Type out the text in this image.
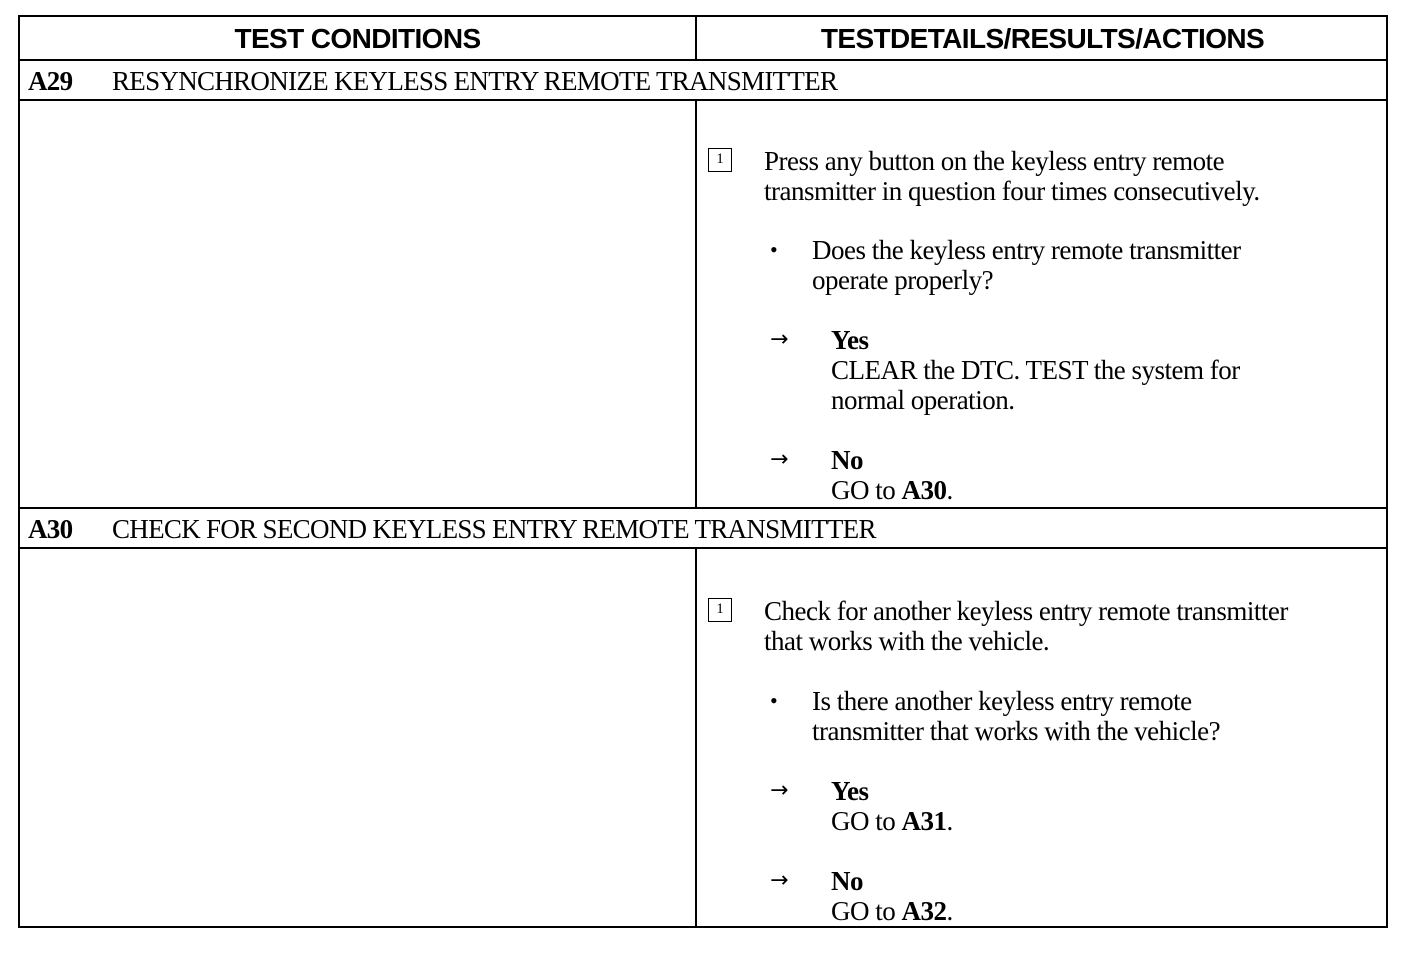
TEST CONDITIONS	TESTDETAILS/RESULTS/ACTIONS
A29 RESYNCHRONIZE KEYLESS ENTRY REMOTE TRANSMITTER
1	Press any button on the keyless entry remote
transmitter in question four times consecutively.
• Does the keyless entry remote transmitter
operate properly?
→ Yes
CLEAR the DTC. TEST the system for
normal operation.
→ No
GO to A30.
A30 CHECK FOR SECOND KEYLESS ENTRY REMOTE TRANSMITTER
1	Check for another keyless entry remote transmitter
that works with the vehicle.
• Is there another keyless entry remote
transmitter that works with the vehicle?
→ Yes
GO to A31.
→ No
GO to A32.
